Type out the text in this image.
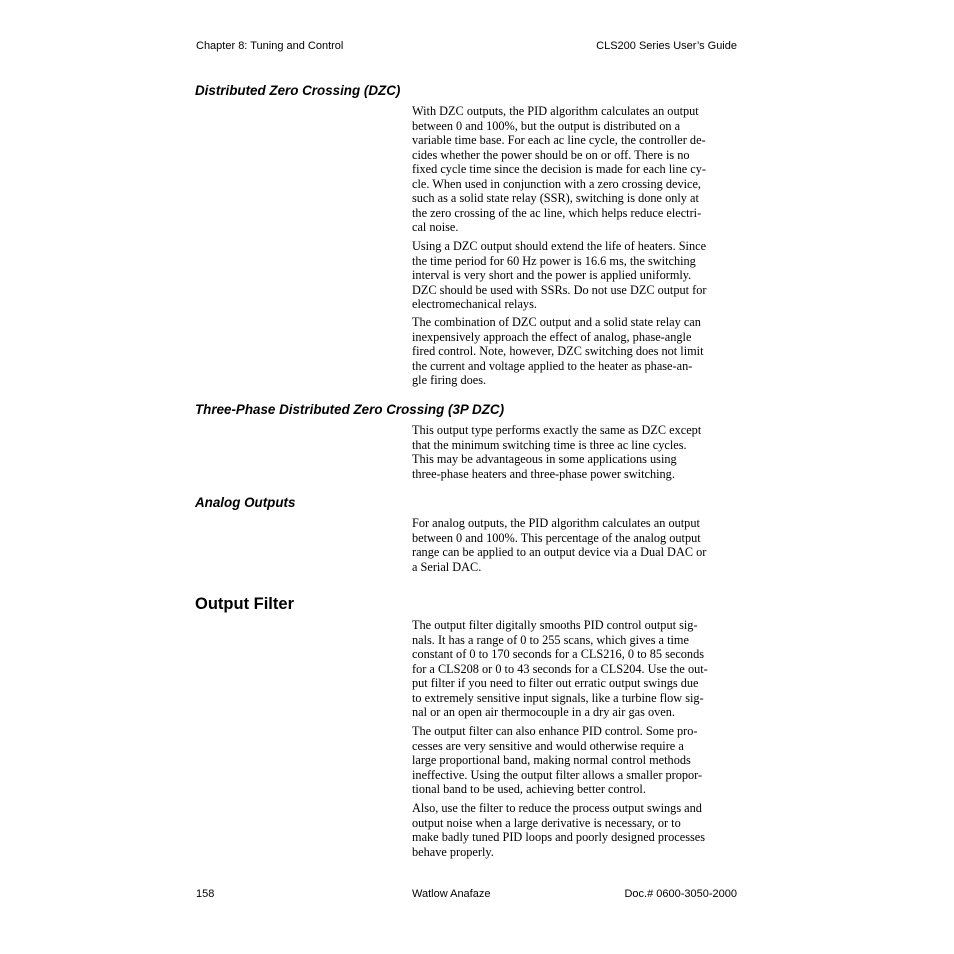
Chapter 8: Tuning and Control	CLS200 Series User’s Guide
Distributed Zero Crossing (DZC)

With DZC outputs, the PID algorithm calculates an output
between 0 and 100%, but the output is distributed on a
variable time base. For each ac line cycle, the controller de-
cides whether the power should be on or off. There is no
fixed cycle time since the decision is made for each line cy-
cle. When used in conjunction with a zero crossing device,
such as a solid state relay (SSR), switching is done only at
the zero crossing of the ac line, which helps reduce electri-
cal noise.

Using a DZC output should extend the life of heaters. Since
the time period for 60 Hz power is 16.6 ms, the switching
interval is very short and the power is applied uniformly.
DZC should be used with SSRs. Do not use DZC output for
electromechanical relays.

The combination of DZC output and a solid state relay can
inexpensively approach the effect of analog, phase-angle
fired control. Note, however, DZC switching does not limit
the current and voltage applied to the heater as phase-an-
gle firing does.

Three-Phase Distributed Zero Crossing (3P DZC)

This output type performs exactly the same as DZC except
that the minimum switching time is three ac line cycles.
This may be advantageous in some applications using
three-phase heaters and three-phase power switching.

Analog Outputs

For analog outputs, the PID algorithm calculates an output
between 0 and 100%. This percentage of the analog output
range can be applied to an output device via a Dual DAC or
a Serial DAC.

Output Filter

The output filter digitally smooths PID control output sig-
nals. It has a range of 0 to 255 scans, which gives a time
constant of 0 to 170 seconds for a CLS216, 0 to 85 seconds
for a CLS208 or 0 to 43 seconds for a CLS204. Use the out-
put filter if you need to filter out erratic output swings due
to extremely sensitive input signals, like a turbine flow sig-
nal or an open air thermocouple in a dry air gas oven.

The output filter can also enhance PID control. Some pro-
cesses are very sensitive and would otherwise require a
large proportional band, making normal control methods
ineffective. Using the output filter allows a smaller propor-
tional band to be used, achieving better control.

Also, use the filter to reduce the process output swings and
output noise when a large derivative is necessary, or to
make badly tuned PID loops and poorly designed processes
behave properly.

158	Watlow Anafaze	Doc.# 0600-3050-2000
